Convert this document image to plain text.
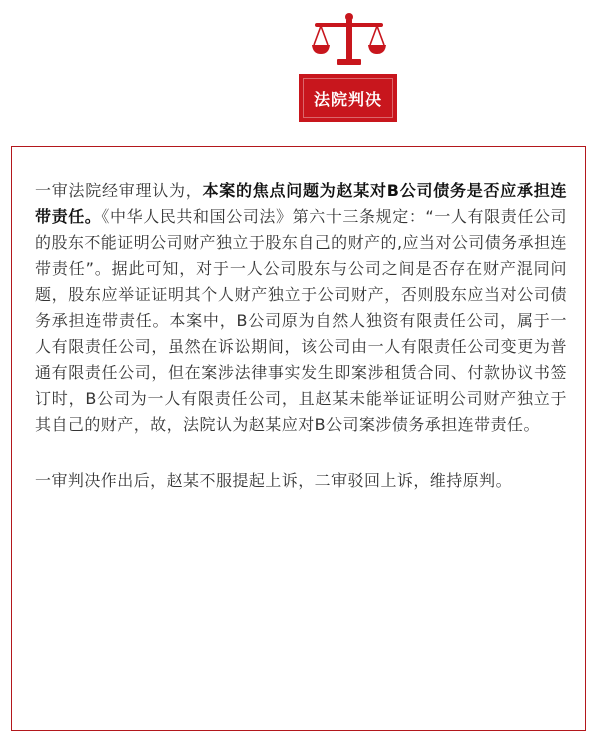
法院判决

一审法院经审理认为，本案的焦点问题为赵某对B公司债务是否应承担连带责任。《中华人民共和国公司法》第六十三条规定：“一人有限责任公司的股东不能证明公司财产独立于股东自己的财产的,应当对公司债务承担连带责任”。据此可知，对于一人公司股东与公司之间是否存在财产混同问题，股东应举证证明其个人财产独立于公司财产，否则股东应当对公司债务承担连带责任。本案中，B公司原为自然人独资有限责任公司，属于一人有限责任公司，虽然在诉讼期间，该公司由一人有限责任公司变更为普通有限责任公司，但在案涉法律事实发生即案涉租赁合同、付款协议书签订时，B公司为一人有限责任公司，且赵某未能举证证明公司财产独立于其自己的财产，故，法院认为赵某应对B公司案涉债务承担连带责任。

一审判决作出后，赵某不服提起上诉，二审驳回上诉，维持原判。
